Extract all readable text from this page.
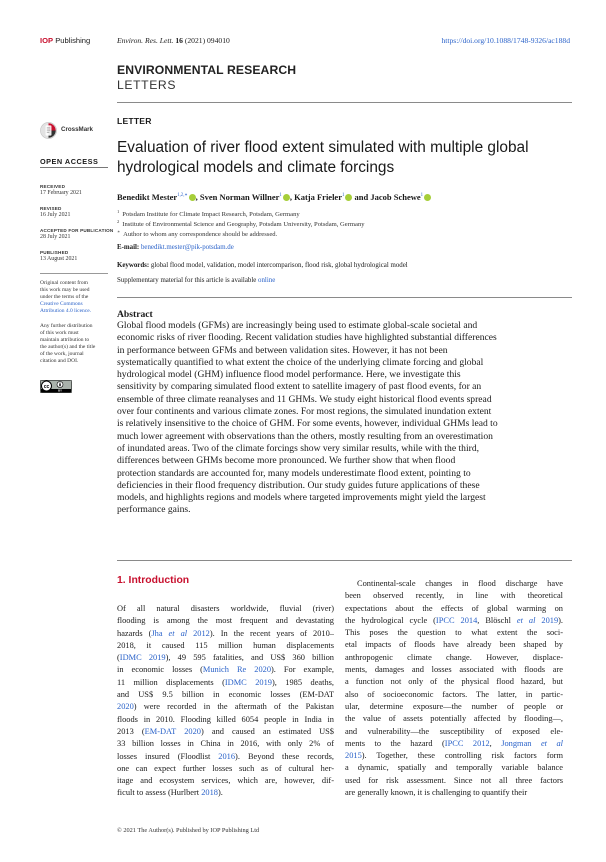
IOP Publishing	Environ. Res. Lett. 16 (2021) 094010	https://doi.org/10.1088/1748-9326/ac188d
ENVIRONMENTAL RESEARCH
LETTERS
CrossMark
OPEN ACCESS
RECEIVED
17 February 2021
REVISED
16 July 2021
ACCEPTED FOR PUBLICATION
28 July 2021
PUBLISHED
13 August 2021
Original content from
this work may be used
under the terms of the
Creative Commons
Attribution 4.0 licence.
Any further distribution
of this work must
maintain attribution to
the author(s) and the title
of the work, journal
citation and DOI.
cc
BY
LETTER
Evaluation of river flood extent simulated with multiple global
hydrological models and climate forcings
Benedikt Mester$^{1,2,∗}$ , Sven Norman Willner$^1$ , Katja Frieler$^1$ and Jacob Schewe$^1$
$^1$ Potsdam Institute for Climate Impact Research, Potsdam, Germany
$^2$ Institute of Environmental Science and Geography, Potsdam University, Potsdam, Germany
∗ Author to whom any correspondence should be addressed.
E-mail: benedikt.mester@pik-potsdam.de
Keywords: global flood model, validation, model intercomparison, flood risk, global hydrological model
Supplementary material for this article is available online
Abstract
Global flood models (GFMs) are increasingly being used to estimate global-scale societal and
economic risks of river flooding. Recent validation studies have highlighted substantial differences
in performance between GFMs and between validation sites. However, it has not been
systematically quantified to what extent the choice of the underlying climate forcing and global
hydrological model (GHM) influence flood model performance. Here, we investigate this
sensitivity by comparing simulated flood extent to satellite imagery of past flood events, for an
ensemble of three climate reanalyses and 11 GHMs. We study eight historical flood events spread
over four continents and various climate zones. For most regions, the simulated inundation extent
is relatively insensitive to the choice of GHM. For some events, however, individual GHMs lead to
much lower agreement with observations than the others, mostly resulting from an overestimation
of inundated areas. Two of the climate forcings show very similar results, while with the third,
differences between GHMs become more pronounced. We further show that when flood
protection standards are accounted for, many models underestimate flood extent, pointing to
deficiencies in their flood frequency distribution. Our study guides future applications of these
models, and highlights regions and models where targeted improvements might yield the largest
performance gains.
1. Introduction
Of all natural disasters worldwide, fluvial (river)
flooding is among the most frequent and devastating
hazards (Jha et al 2012). In the recent years of 2010–
2018, it caused 115 million human displacements
(IDMC 2019), 49 595 fatalities, and US$ 360 billion
in economic losses (Munich Re 2020). For example,
11 million displacements (IDMC 2019), 1985 deaths,
and US$ 9.5 billion in economic losses (EM-DAT
2020) were recorded in the aftermath of the Pakistan
floods in 2010. Flooding killed 6054 people in India in
2013 (EM-DAT 2020) and caused an estimated US$
33 billion losses in China in 2016, with only 2% of
losses insured (Floodlist 2016). Beyond these records,
one can expect further losses such as of cultural her-
itage and ecosystem services, which are, however, dif-
ficult to assess (Hurlbert 2018).
Continental-scale changes in flood discharge have
been observed recently, in line with theoretical
expectations about the effects of global warming on
the hydrological cycle (IPCC 2014, Blöschl et al 2019).
This poses the question to what extent the soci-
etal impacts of floods have already been shaped by
anthropogenic climate change. However, displace-
ments, damages and losses associated with floods are
a function not only of the physical flood hazard, but
also of socioeconomic factors. The latter, in partic-
ular, determine exposure—the number of people or
the value of assets potentially affected by flooding—,
and vulnerability—the susceptibility of exposed ele-
ments to the hazard (IPCC 2012, Jongman et al
2015). Together, these controlling risk factors form
a dynamic, spatially and temporally variable balance
used for risk assessment. Since not all three factors
are generally known, it is challenging to quantify their
© 2021 The Author(s). Published by IOP Publishing Ltd
